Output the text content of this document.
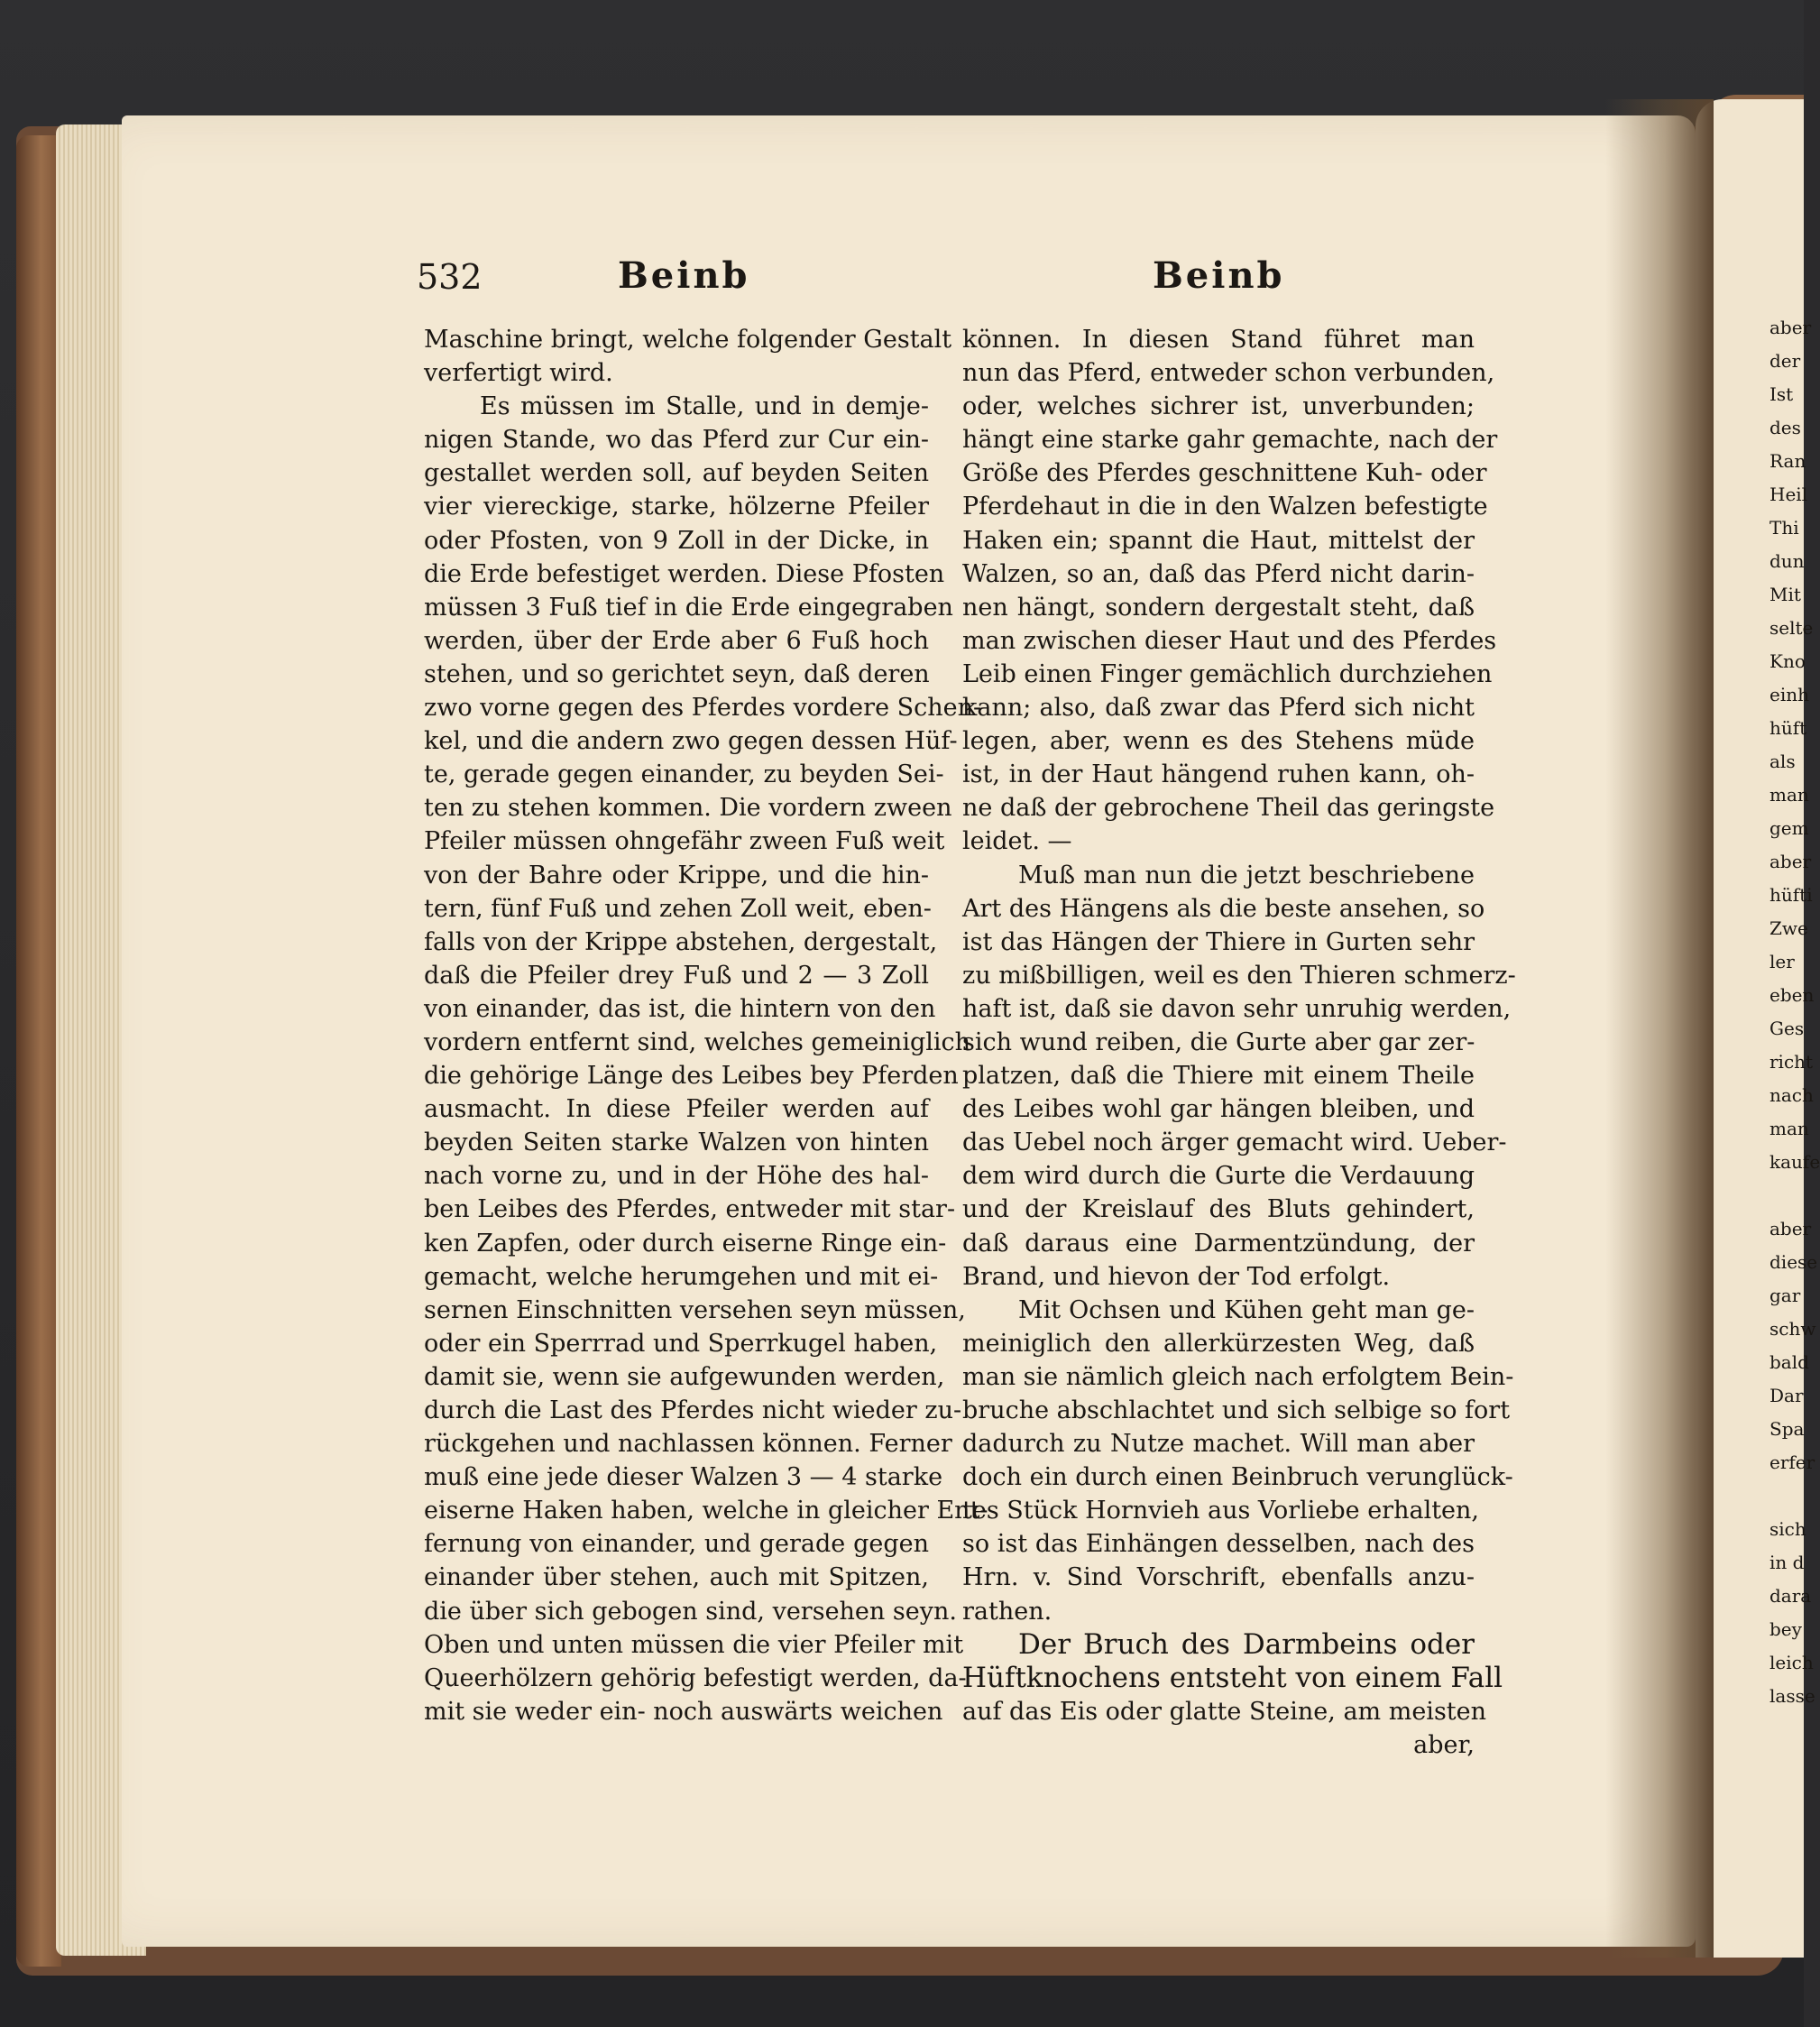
532	Beinb	Beinb
Maschine bringt, welche folgender Gestalt
verfertigt wird.
Es müssen im Stalle, und in demje-
nigen Stande, wo das Pferd zur Cur ein-
gestallet werden soll, auf beyden Seiten
vier viereckige, starke, hölzerne Pfeiler
oder Pfosten, von 9 Zoll in der Dicke, in
die Erde befestiget werden. Diese Pfosten
müssen 3 Fuß tief in die Erde eingegraben
werden, über der Erde aber 6 Fuß hoch
stehen, und so gerichtet seyn, daß deren
zwo vorne gegen des Pferdes vordere Schen-
kel, und die andern zwo gegen dessen Hüf-
te, gerade gegen einander, zu beyden Sei-
ten zu stehen kommen. Die vordern zween
Pfeiler müssen ohngefähr zween Fuß weit
von der Bahre oder Krippe, und die hin-
tern, fünf Fuß und zehen Zoll weit, eben-
falls von der Krippe abstehen, dergestalt,
daß die Pfeiler drey Fuß und 2 — 3 Zoll
von einander, das ist, die hintern von den
vordern entfernt sind, welches gemeiniglich
die gehörige Länge des Leibes bey Pferden
ausmacht. In diese Pfeiler werden auf
beyden Seiten starke Walzen von hinten
nach vorne zu, und in der Höhe des hal-
ben Leibes des Pferdes, entweder mit star-
ken Zapfen, oder durch eiserne Ringe ein-
gemacht, welche herumgehen und mit ei-
sernen Einschnitten versehen seyn müssen,
oder ein Sperrrad und Sperrkugel haben,
damit sie, wenn sie aufgewunden werden,
durch die Last des Pferdes nicht wieder zu-
rückgehen und nachlassen können. Ferner
muß eine jede dieser Walzen 3 — 4 starke
eiserne Haken haben, welche in gleicher Ent-
fernung von einander, und gerade gegen
einander über stehen, auch mit Spitzen,
die über sich gebogen sind, versehen seyn.
Oben und unten müssen die vier Pfeiler mit
Queerhölzern gehörig befestigt werden, da-
mit sie weder ein- noch auswärts weichen
können. In diesen Stand führet man
nun das Pferd, entweder schon verbunden,
oder, welches sichrer ist, unverbunden;
hängt eine starke gahr gemachte, nach der
Größe des Pferdes geschnittene Kuh- oder
Pferdehaut in die in den Walzen befestigte
Haken ein; spannt die Haut, mittelst der
Walzen, so an, daß das Pferd nicht darin-
nen hängt, sondern dergestalt steht, daß
man zwischen dieser Haut und des Pferdes
Leib einen Finger gemächlich durchziehen
kann; also, daß zwar das Pferd sich nicht
legen, aber, wenn es des Stehens müde
ist, in der Haut hängend ruhen kann, oh-
ne daß der gebrochene Theil das geringste
leidet. —
Muß man nun die jetzt beschriebene
Art des Hängens als die beste ansehen, so
ist das Hängen der Thiere in Gurten sehr
zu mißbilligen, weil es den Thieren schmerz-
haft ist, daß sie davon sehr unruhig werden,
sich wund reiben, die Gurte aber gar zer-
platzen, daß die Thiere mit einem Theile
des Leibes wohl gar hängen bleiben, und
das Uebel noch ärger gemacht wird. Ueber-
dem wird durch die Gurte die Verdauung
und der Kreislauf des Bluts gehindert,
daß daraus eine Darmentzündung, der
Brand, und hievon der Tod erfolgt.
Mit Ochsen und Kühen geht man ge-
meiniglich den allerkürzesten Weg, daß
man sie nämlich gleich nach erfolgtem Bein-
bruche abschlachtet und sich selbige so fort
dadurch zu Nutze machet. Will man aber
doch ein durch einen Beinbruch verunglück-
tes Stück Hornvieh aus Vorliebe erhalten,
so ist das Einhängen desselben, nach des
Hrn. v. Sind Vorschrift, ebenfalls anzu-
rathen.
Der Bruch des Darmbeins oder
Hüftknochens entsteht von einem Fall
auf das Eis oder glatte Steine, am meisten
aber,
aber
der
Ist
des
Ran
Heil
Thi
dun
Mit
selte
Kno
einh
hüft
als
man
gem
aber
hüfti
Zwe
ler
eben
Ges
richt
nach
man
kaufe
aber
diese
gar
schw
bald
Dar
Spa
erfer
sich
in d
dara
bey
leich
lasse
